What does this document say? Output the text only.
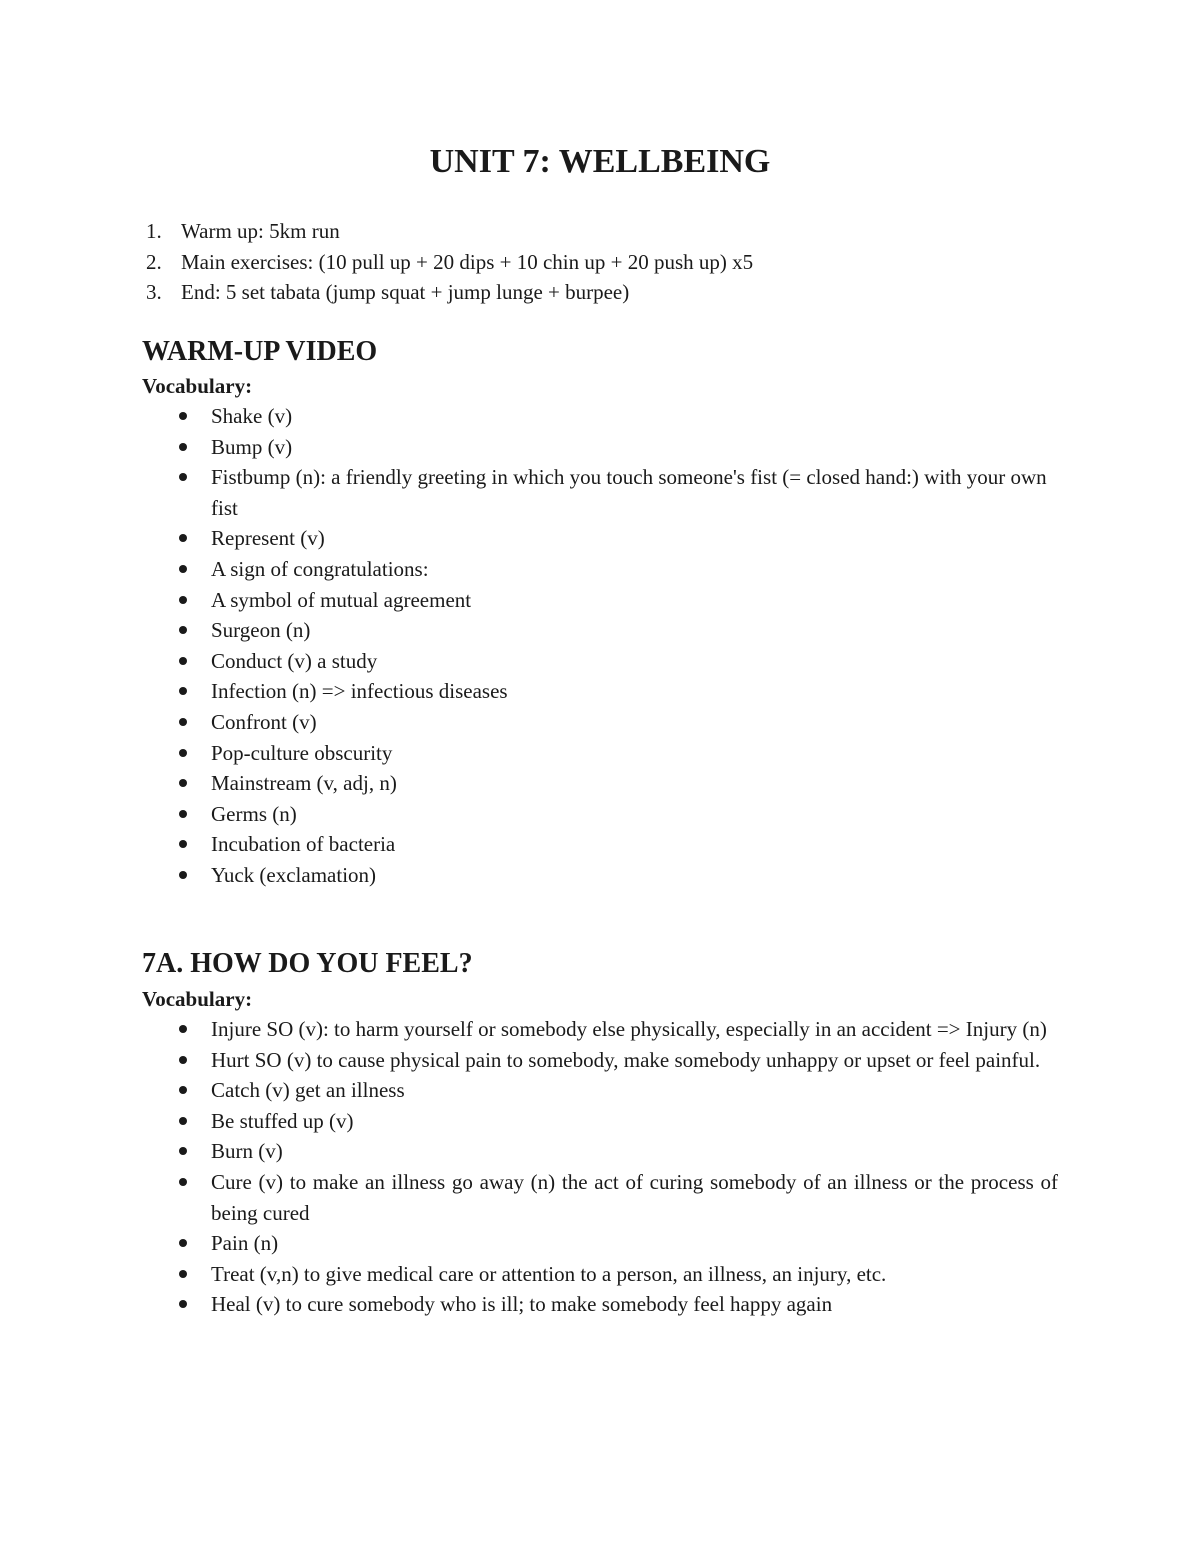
UNIT 7: WELLBEING
1. Warm up: 5km run
2. Main exercises: (10 pull up + 20 dips + 10 chin up + 20 push up) x5
3. End: 5 set tabata (jump squat + jump lunge + burpee)
WARM-UP VIDEO
Vocabulary:
Shake (v)
Bump (v)
Fistbump (n): a friendly greeting in which you touch someone's fist (= closed hand:) with your own fist
Represent (v)
A sign of congratulations:
A symbol of mutual agreement
Surgeon (n)
Conduct (v) a study
Infection (n) => infectious diseases
Confront (v)
Pop-culture obscurity
Mainstream (v, adj, n)
Germs (n)
Incubation of bacteria
Yuck (exclamation)
7A. HOW DO YOU FEEL?
Vocabulary:
Injure SO (v): to harm yourself or somebody else physically, especially in an accident => Injury (n)
Hurt SO (v) to cause physical pain to somebody, make somebody unhappy or upset or feel painful.
Catch (v) get an illness
Be stuffed up (v)
Burn (v)
Cure (v) to make an illness go away (n) the act of curing somebody of an illness or the process of being cured
Pain (n)
Treat (v,n) to give medical care or attention to a person, an illness, an injury, etc.
Heal (v) to cure somebody who is ill; to make somebody feel happy again
